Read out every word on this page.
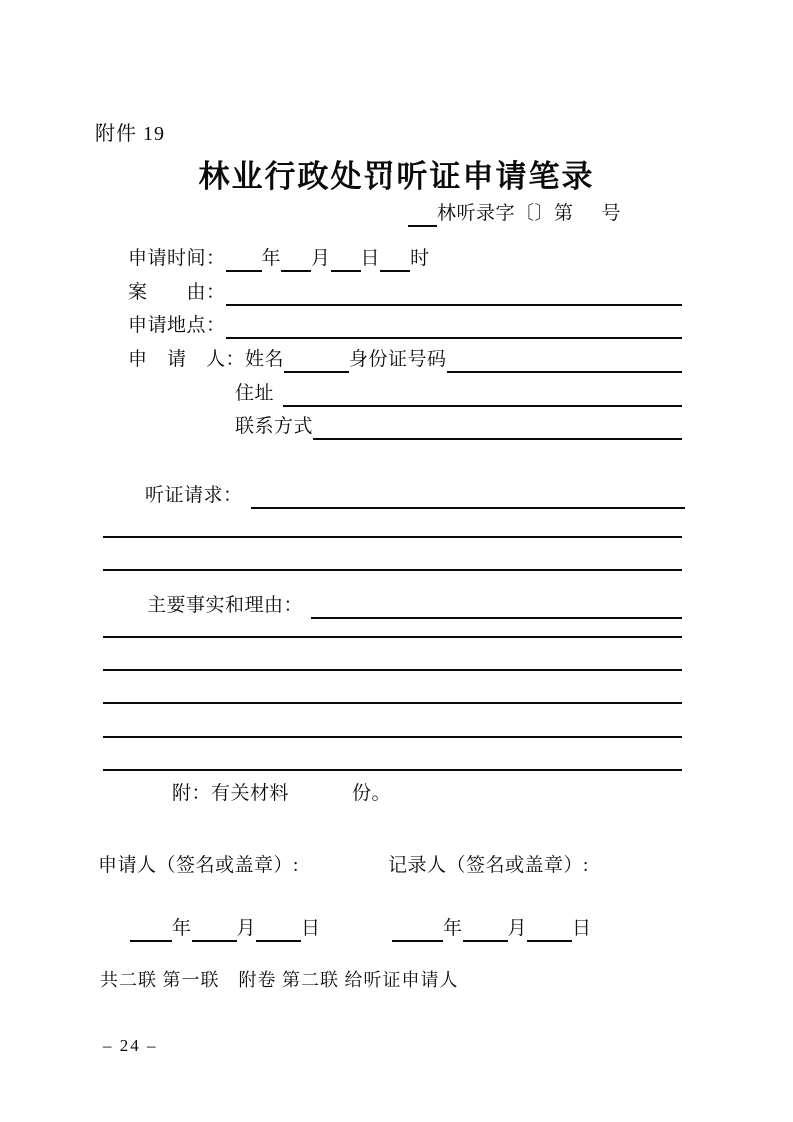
附件 19
林业行政处罚听证申请笔录
林听录字〔 〕第 号
申请时间： 年 月 日 时
案　　由：
申请地点：
申　请　人： 姓名	身份证号码
住址
联系方式
听证请求：
主要事实和理由：
附：有关材料	份。
申请人（签名或盖章）:	记录人（签名或盖章）:
年 月 日	年 月 日
共二联 第一联　附卷 第二联 给听证申请人
– 24 –
